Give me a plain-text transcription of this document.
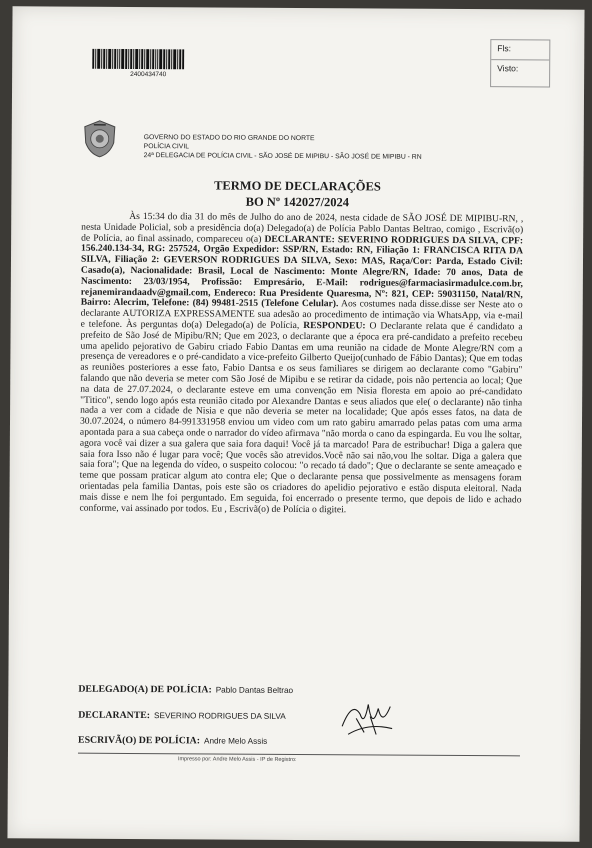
2400434740
Fls:
Visto:
GOVERNO DO ESTADO DO RIO GRANDE DO NORTE
POLÍCIA CIVIL
24ª DELEGACIA DE POLÍCIA CIVIL - SÃO JOSÉ DE MIPIBU - SÃO JOSÉ DE MIPIBU - RN
TERMO DE DECLARAÇÕES
BO Nº 142027/2024

Às 15:34 do dia 31 do mês de Julho do ano de 2024, nesta cidade de SÃO JOSÉ DE MIPIBU-RN, , nesta Unidade Policial, sob a presidência do(a) Delegado(a) de Polícia Pablo Dantas Beltrao, comigo , Escrivã(o) de Polícia, ao final assinado, compareceu o(a) DECLARANTE: SEVERINO RODRIGUES DA SILVA, CPF: 156.240.134-34, RG: 257524, Orgão Expedidor: SSP/RN, Estado: RN, Filiação 1: FRANCISCA RITA DA SILVA, Filiação 2: GEVERSON RODRIGUES DA SILVA, Sexo: MAS, Raça/Cor: Parda, Estado Civil: Casado(a), Nacionalidade: Brasil, Local de Nascimento: Monte Alegre/RN, Idade: 70 anos, Data de Nascimento: 23/03/1954, Profissão: Empresário, E-Mail: rodrigues@farmaciasirmadulce.com.br, rejanemirandaadv@gmail.com, Endereco: Rua Presidente Quaresma, Nº: 821, CEP: 59031150, Natal/RN, Bairro: Alecrim, Telefone: (84) 99481-2515 (Telefone Celular). Aos costumes nada disse.disse ser Neste ato o declarante AUTORIZA EXPRESSAMENTE sua adesão ao procedimento de intimação via WhatsApp, via e-mail e telefone. Às perguntas do(a) Delegado(a) de Polícia, RESPONDEU: O Declarante relata que é candidato a prefeito de São José de Mipibu/RN; Que em 2023, o declarante que a época era pré-candidato a prefeito recebeu uma apelido pejorativo de Gabiru criado Fabio Dantas em uma reunião na cidade de Monte Alegre/RN com a presença de vereadores e o pré-candidato a vice-prefeito Gilberto Queijo(cunhado de Fábio Dantas); Que em todas as reuniões posteriores a esse fato, Fabio Dantsa e os seus familiares se dirigem ao declarante como "Gabiru" falando que não deveria se meter com São José de Mipibu e se retirar da cidade, pois não pertencia ao local; Que na data de 27.07.2024, o declarante esteve em uma convenção em Nisia floresta em apoio ao pré-candidato "Titico", sendo logo após esta reunião citado por Alexandre Dantas e seus aliados que ele( o declarante) não tinha nada a ver com a cidade de Nisia e que não deveria se meter na localidade; Que após esses fatos, na data de 30.07.2024, o número 84-991331958 enviou um video com um rato gabiru amarrado pelas patas com uma arma apontada para a sua cabeça onde o narrador do vídeo afirmava "não morda o cano da espingarda. Eu vou lhe soltar, agora você vai dizer a sua galera que saia fora daqui! Você já ta marcado! Para de estribuchar! Diga a galera que saia fora Isso não é lugar para você; Que vocês são atrevidos.Você não sai não,vou lhe soltar. Diga a galera que saia fora"; Que na legenda do vídeo, o suspeito colocou: "o recado tá dado"; Que o declarante se sente ameaçado e teme que possam praticar algum ato contra ele; Que o declarante pensa que possivelmente as mensagens foram orientadas pela familia Dantas, pois este são os criadores do apelidio pejorativo e estão disputa eleitoral. Nada mais disse e nem lhe foi perguntado. Em seguida, foi encerrado o presente termo, que depois de lido e achado conforme, vai assinado por todos. Eu , Escrivã(o) de Polícia o digitei.

DELEGADO(A) DE POLÍCIA: Pablo Dantas Beltrao
DECLARANTE: SEVERINO RODRIGUES DA SILVA
ESCRIVÃ(O) DE POLÍCIA: Andre Melo Assis
Impresso por: Andre Melo Assis - IP de Registro:
